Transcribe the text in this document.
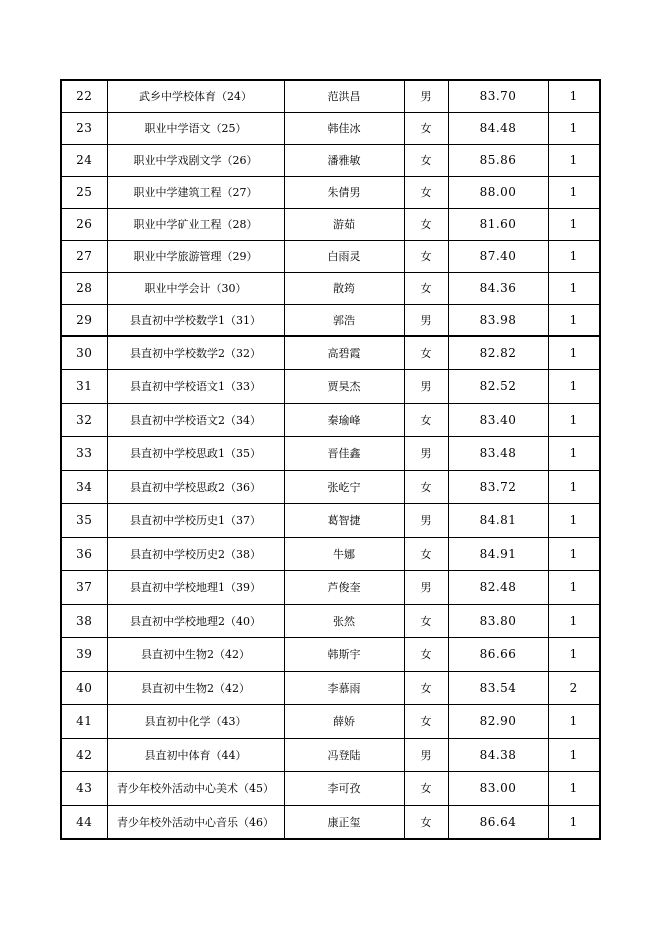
22	武乡中学校体育（24）	范洪昌	男	83.70	1
23	职业中学语文（25）	韩佳冰	女	84.48	1
24	职业中学戏剧文学（26）	潘雅敏	女	85.86	1
25	职业中学建筑工程（27）	朱倩男	女	88.00	1
26	职业中学矿业工程（28）	游茹	女	81.60	1
27	职业中学旅游管理（29）	白雨灵	女	87.40	1
28	职业中学会计（30）	散筠	女	84.36	1
29	县直初中学校数学1（31）	郭浩	男	83.98	1
30	县直初中学校数学2（32）	高碧霞	女	82.82	1
31	县直初中学校语文1（33）	贾昊杰	男	82.52	1
32	县直初中学校语文2（34）	秦瑜峰	女	83.40	1
33	县直初中学校思政1（35）	晋佳鑫	男	83.48	1
34	县直初中学校思政2（36）	张屹宁	女	83.72	1
35	县直初中学校历史1（37）	葛智捷	男	84.81	1
36	县直初中学校历史2（38）	牛娜	女	84.91	1
37	县直初中学校地理1（39）	芦俊奎	男	82.48	1
38	县直初中学校地理2（40）	张然	女	83.80	1
39	县直初中生物2（42）	韩斯宇	女	86.66	1
40	县直初中生物2（42）	李慕雨	女	83.54	2
41	县直初中化学（43）	薛娇	女	82.90	1
42	县直初中体育（44）	冯登陆	男	84.38	1
43	青少年校外活动中心美术（45）	李可孜	女	83.00	1
44	青少年校外活动中心音乐（46）	康正玺	女	86.64	1
